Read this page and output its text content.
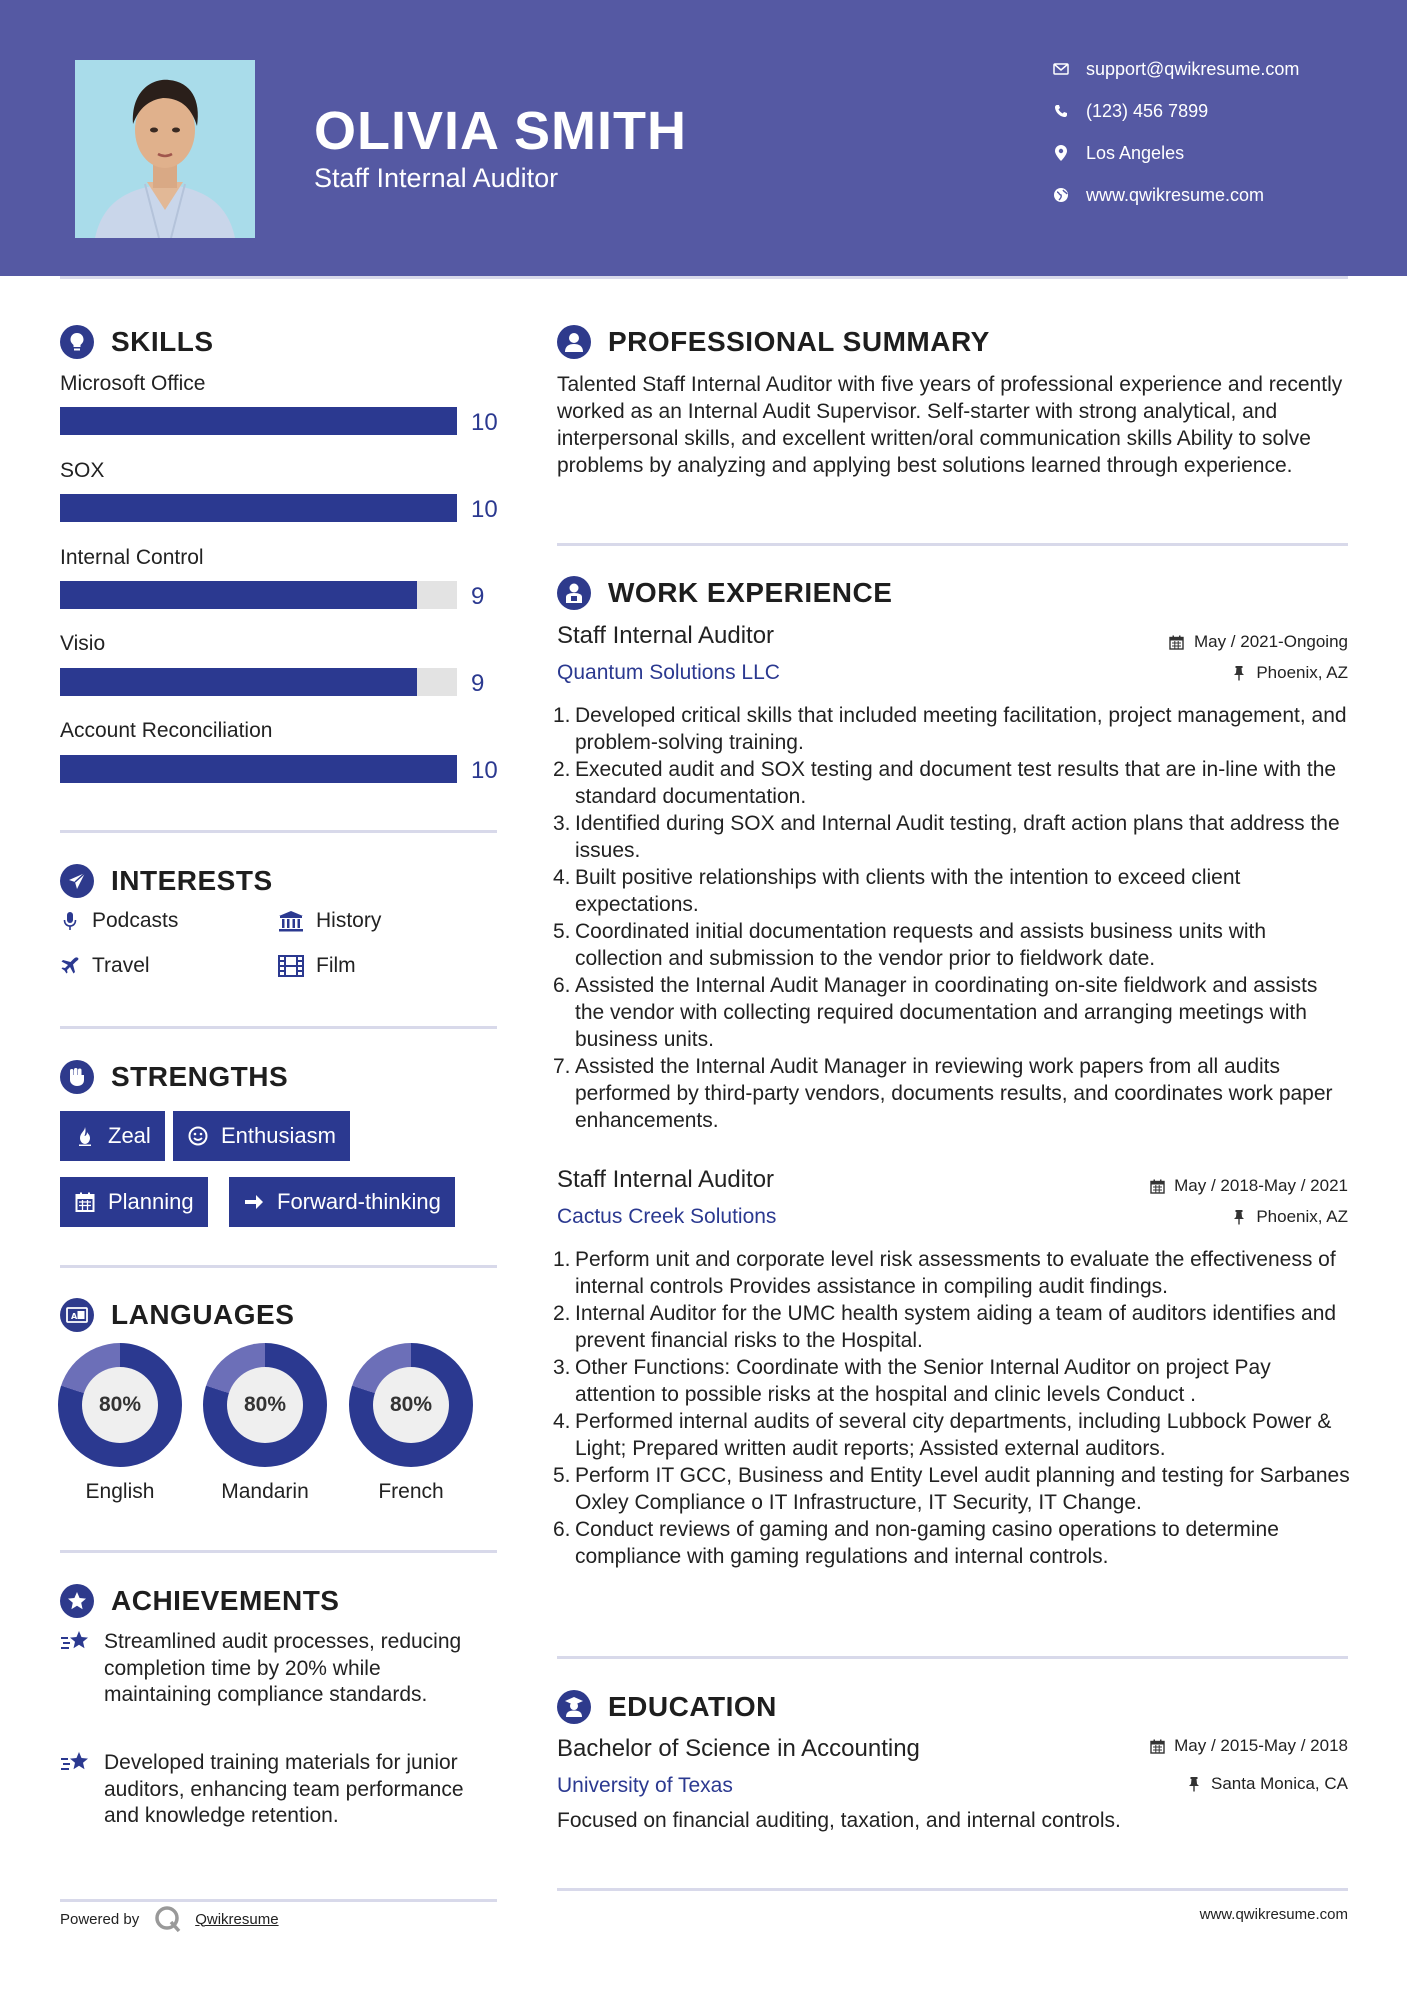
OLIVIA SMITH
Staff Internal Auditor
support@qwikresume.com
(123) 456 7899
Los Angeles
www.qwikresume.com
SKILLS
Microsoft Office
10
SOX
10
Internal Control
9
Visio
9
Account Reconciliation
10
INTERESTS
Podcasts	History
Travel	Film
STRENGTHS
Zeal	Enthusiasm
Planning	Forward-thinking
A LANGUAGES
80%
English
80%
Mandarin
80%
French
ACHIEVEMENTS

Streamlined audit processes, reducing completion time by 20% while maintaining compliance standards.

Developed training materials for junior auditors, enhancing team performance and knowledge retention.

Powered by	Qwikresume
PROFESSIONAL SUMMARY

Talented Staff Internal Auditor with five years of professional experience and recently worked as an Internal Audit Supervisor. Self-starter with strong analytical, and interpersonal skills, and excellent written/oral communication skills Ability to solve problems by analyzing and applying best solutions learned through experience.

WORK EXPERIENCE
Staff Internal Auditor
Quantum Solutions LLC
May / 2021-Ongoing
Phoenix, AZ
1. Developed critical skills that included meeting facilitation, project management, and problem-solving training.
2. Executed audit and SOX testing and document test results that are in-line with the standard documentation.
3. Identified during SOX and Internal Audit testing, draft action plans that address the issues.
4. Built positive relationships with clients with the intention to exceed client expectations.
5. Coordinated initial documentation requests and assists business units with collection and submission to the vendor prior to fieldwork date.
6. Assisted the Internal Audit Manager in coordinating on-site fieldwork and assists the vendor with collecting required documentation and arranging meetings with business units.
7. Assisted the Internal Audit Manager in reviewing work papers from all audits performed by third-party vendors, documents results, and coordinates work paper enhancements.
Staff Internal Auditor
Cactus Creek Solutions
May / 2018-May / 2021
Phoenix, AZ
1. Perform unit and corporate level risk assessments to evaluate the effectiveness of internal controls Provides assistance in compiling audit findings.
2. Internal Auditor for the UMC health system aiding a team of auditors identifies and prevent financial risks to the Hospital.
3. Other Functions: Coordinate with the Senior Internal Auditor on project Pay attention to possible risks at the hospital and clinic levels Conduct .
4. Performed internal audits of several city departments, including Lubbock Power & Light; Prepared written audit reports; Assisted external auditors.
5. Perform IT GCC, Business and Entity Level audit planning and testing for Sarbanes Oxley Compliance o IT Infrastructure, IT Security, IT Change.
6. Conduct reviews of gaming and non-gaming casino operations to determine compliance with gaming regulations and internal controls.
EDUCATION
Bachelor of Science in Accounting
University of Texas
May / 2015-May / 2018
Santa Monica, CA
Focused on financial auditing, taxation, and internal controls.
www.qwikresume.com
